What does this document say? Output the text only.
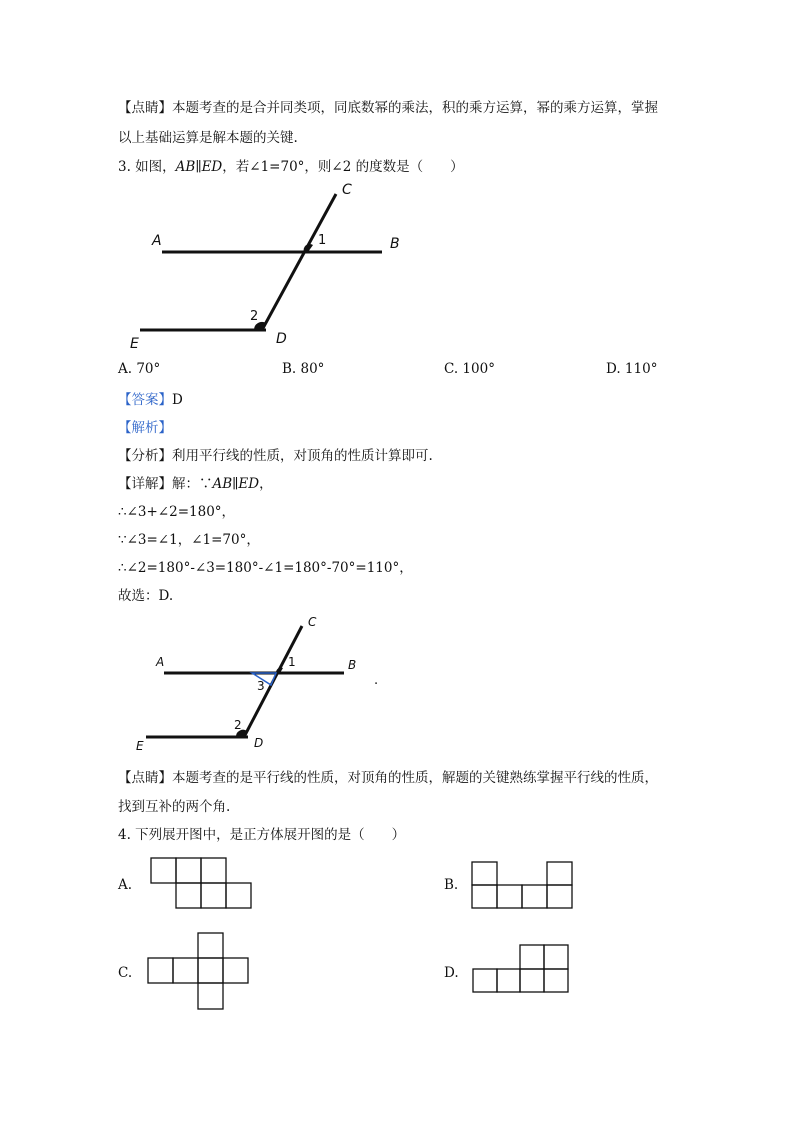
【点睛】本题考查的是合并同类项，同底数幂的乘法，积的乘方运算，幂的乘方运算，掌握
以上基础运算是解本题的关键.
3. 如图，AB∥ED，若∠1=70°，则∠2 的度数是（　　）
A	B
C
D
E
1
2
A. 70°	B. 80°	C. 100°	D. 110°
【答案】D
【解析】
【分析】利用平行线的性质，对顶角的性质计算即可.
【详解】解：∵AB∥ED，
∴∠3+∠2=180°，
∵∠3=∠1，∠1=70°，
∴∠2=180°-∠3=180°-∠1=180°-70°=110°，
故选：D.
A	B
C
D
E
1
2
3	.
【点睛】本题考查的是平行线的性质，对顶角的性质，解题的关键熟练掌握平行线的性质，
找到互补的两个角.
4. 下列展开图中，是正方体展开图的是（　　）
A.	B.
C.	D.
